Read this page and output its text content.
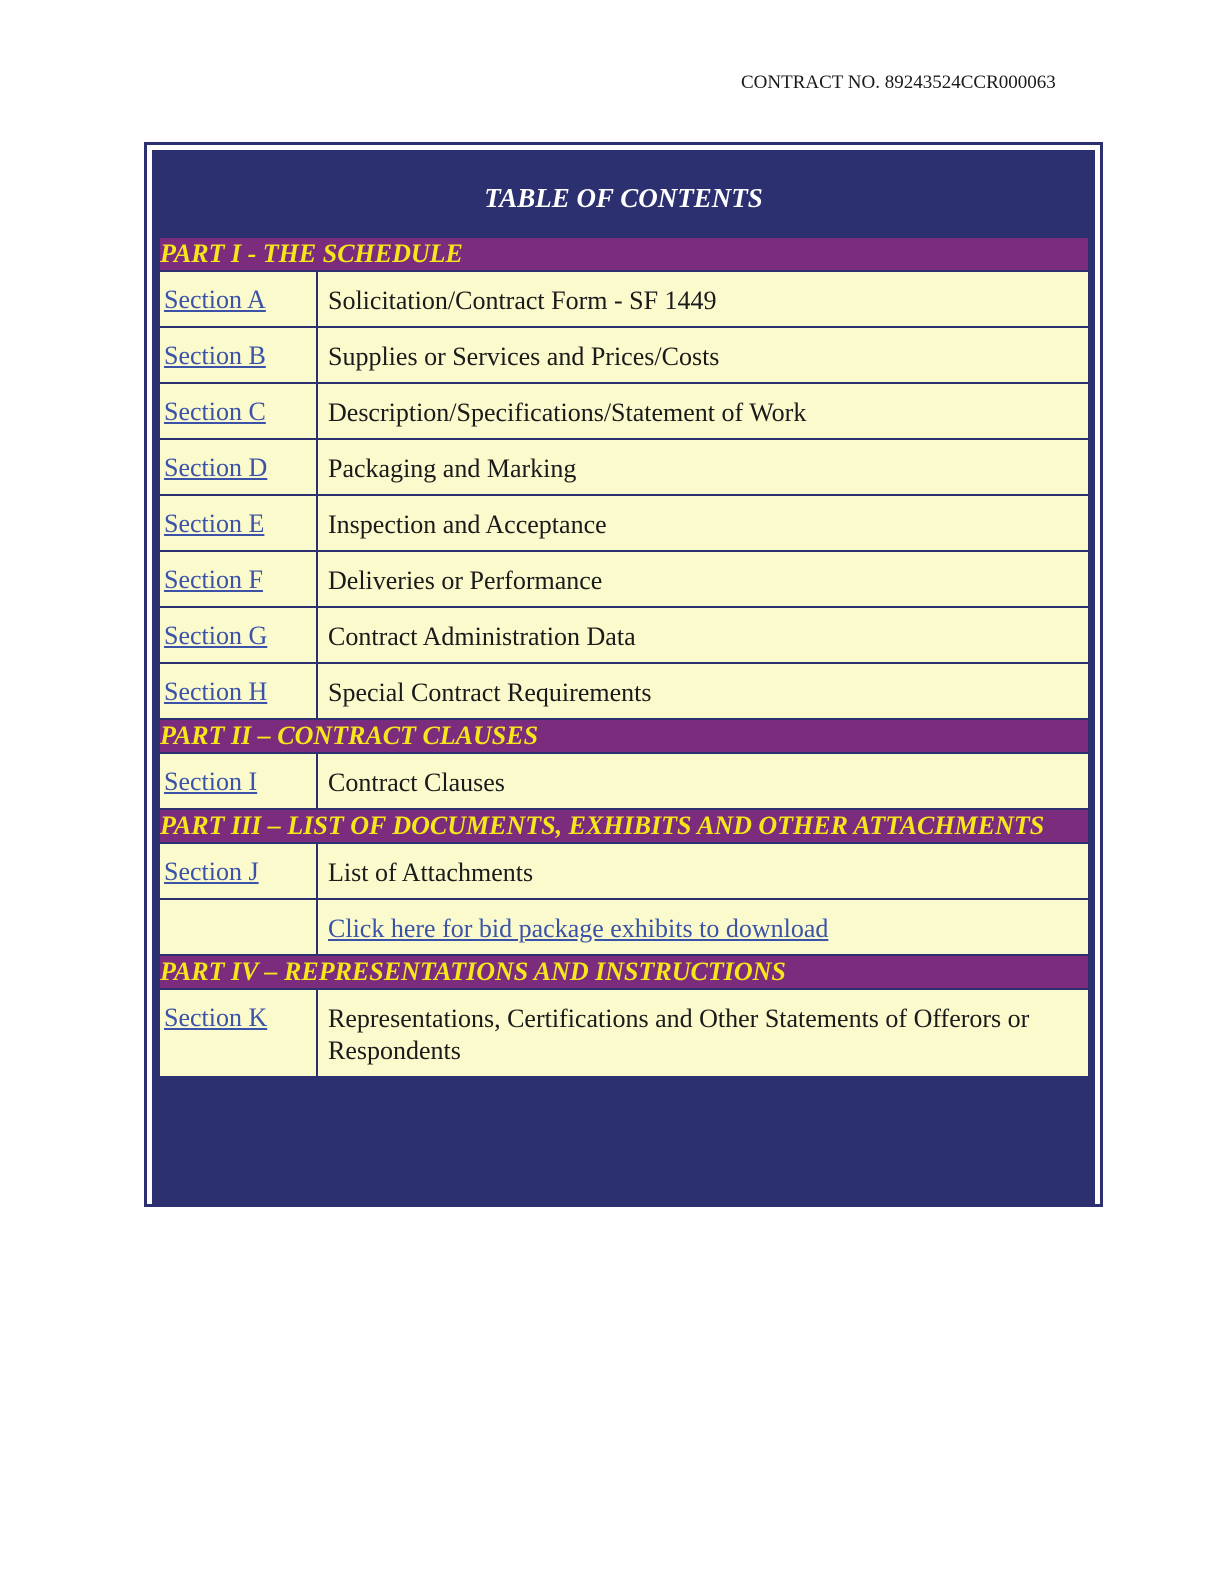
CONTRACT NO. 89243524CCR000063
TABLE OF CONTENTS
PART I - THE SCHEDULE	

Section A	Solicitation/Contract Form - SF 1449

Section B	Supplies or Services and Prices/Costs

Section C	Description/Specifications/Statement of Work

Section D	Packaging and Marking

Section E	Inspection and Acceptance

Section F	Deliveries or Performance

Section G	Contract Administration Data

Section H	Special Contract Requirements

PART II – CONTRACT CLAUSES	

Section I	Contract Clauses

PART III – LIST OF DOCUMENTS, EXHIBITS AND OTHER ATTACHMENTS	

Section J	List of Attachments

	Click here for bid package exhibits to download

PART IV – REPRESENTATIONS AND INSTRUCTIONS	

Section K	Representations, Certifications and Other Statements of Offerors or Respondents
